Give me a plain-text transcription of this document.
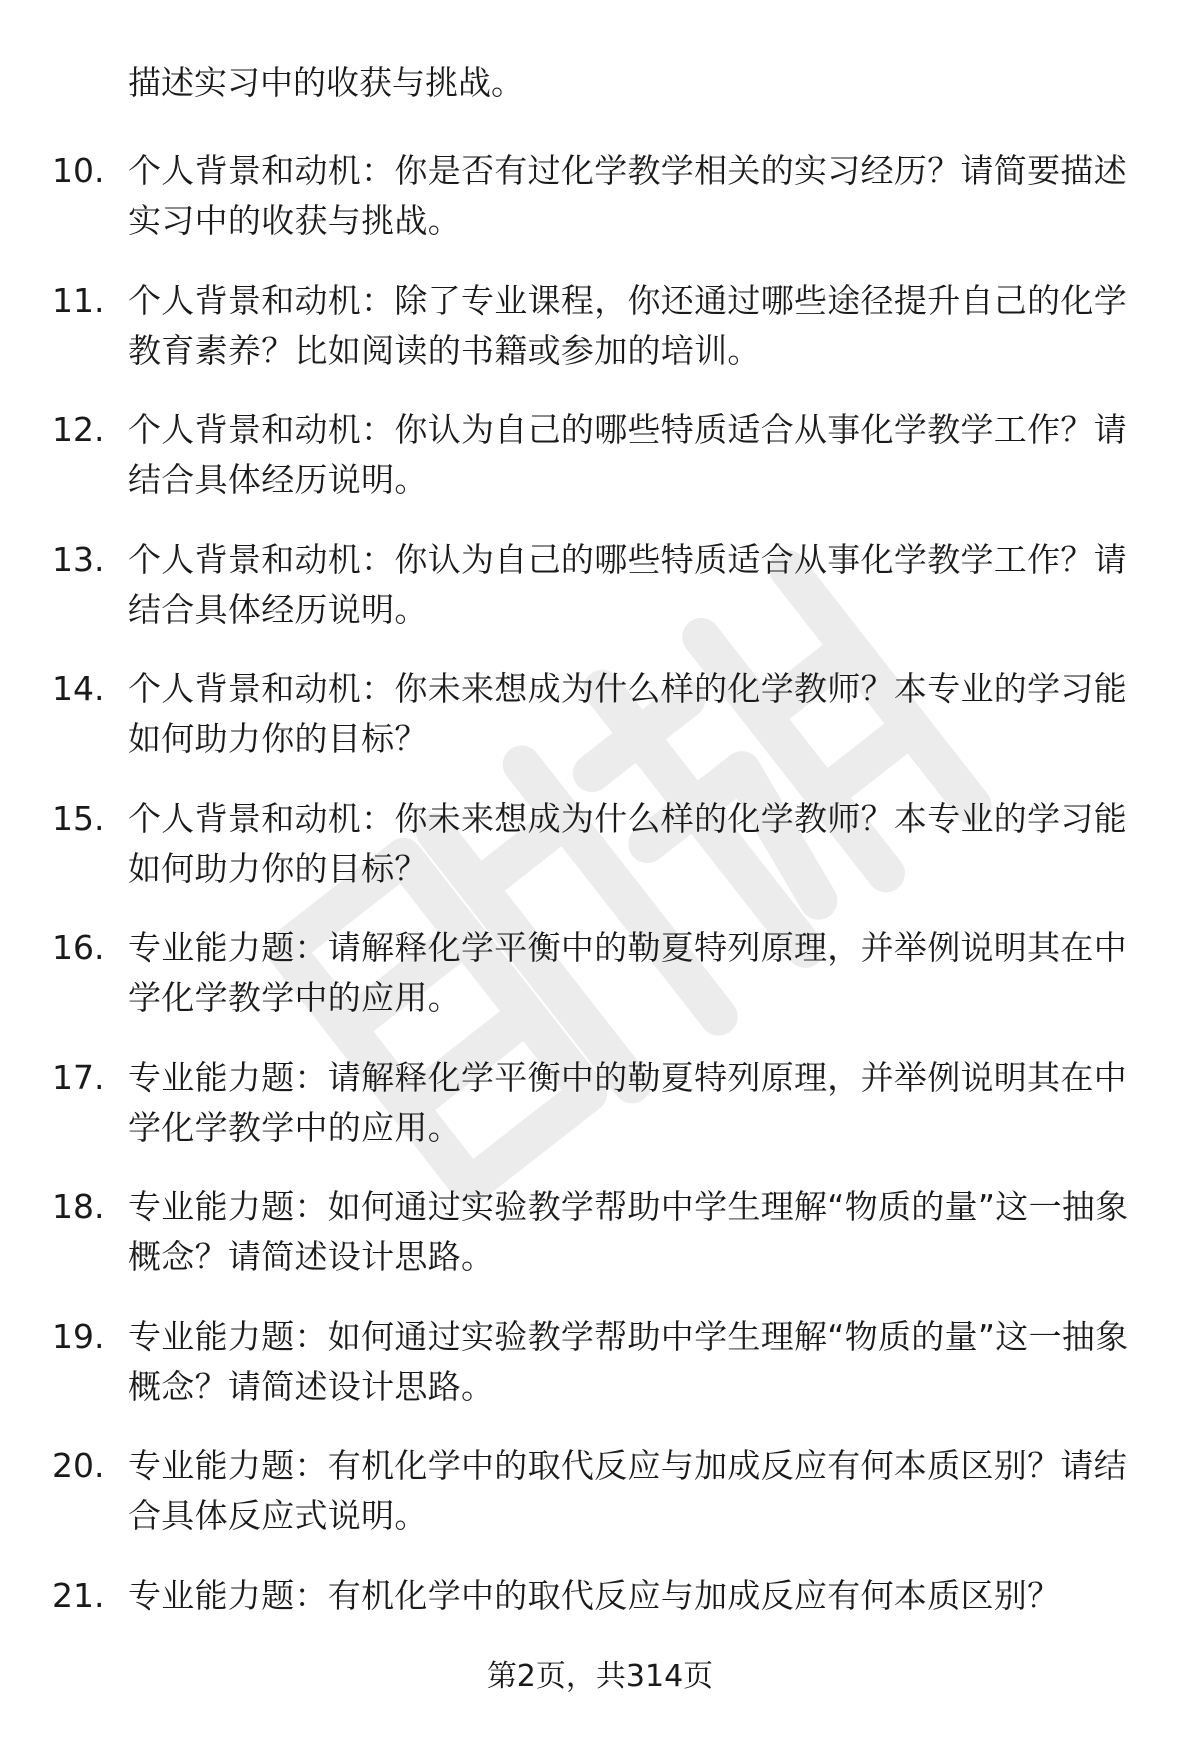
描述实习中的收获与挑战。
10. 个人背景和动机：你是否有过化学教学相关的实习经历？请简要描述实习中的收获与挑战。
11. 个人背景和动机：除了专业课程，你还通过哪些途径提升自己的化学教育素养？比如阅读的书籍或参加的培训。
12. 个人背景和动机：你认为自己的哪些特质适合从事化学教学工作？请结合具体经历说明。
13. 个人背景和动机：你认为自己的哪些特质适合从事化学教学工作？请结合具体经历说明。
14. 个人背景和动机：你未来想成为什么样的化学教师？本专业的学习能如何助力你的目标？
15. 个人背景和动机：你未来想成为什么样的化学教师？本专业的学习能如何助力你的目标？
16. 专业能力题：请解释化学平衡中的勒夏特列原理，并举例说明其在中学化学教学中的应用。
17. 专业能力题：请解释化学平衡中的勒夏特列原理，并举例说明其在中学化学教学中的应用。
18. 专业能力题：如何通过实验教学帮助中学生理解“物质的量”这一抽象概念？请简述设计思路。
19. 专业能力题：如何通过实验教学帮助中学生理解“物质的量”这一抽象概念？请简述设计思路。
20. 专业能力题：有机化学中的取代反应与加成反应有何本质区别？请结合具体反应式说明。
21. 专业能力题：有机化学中的取代反应与加成反应有何本质区别？
第2页，共314页
